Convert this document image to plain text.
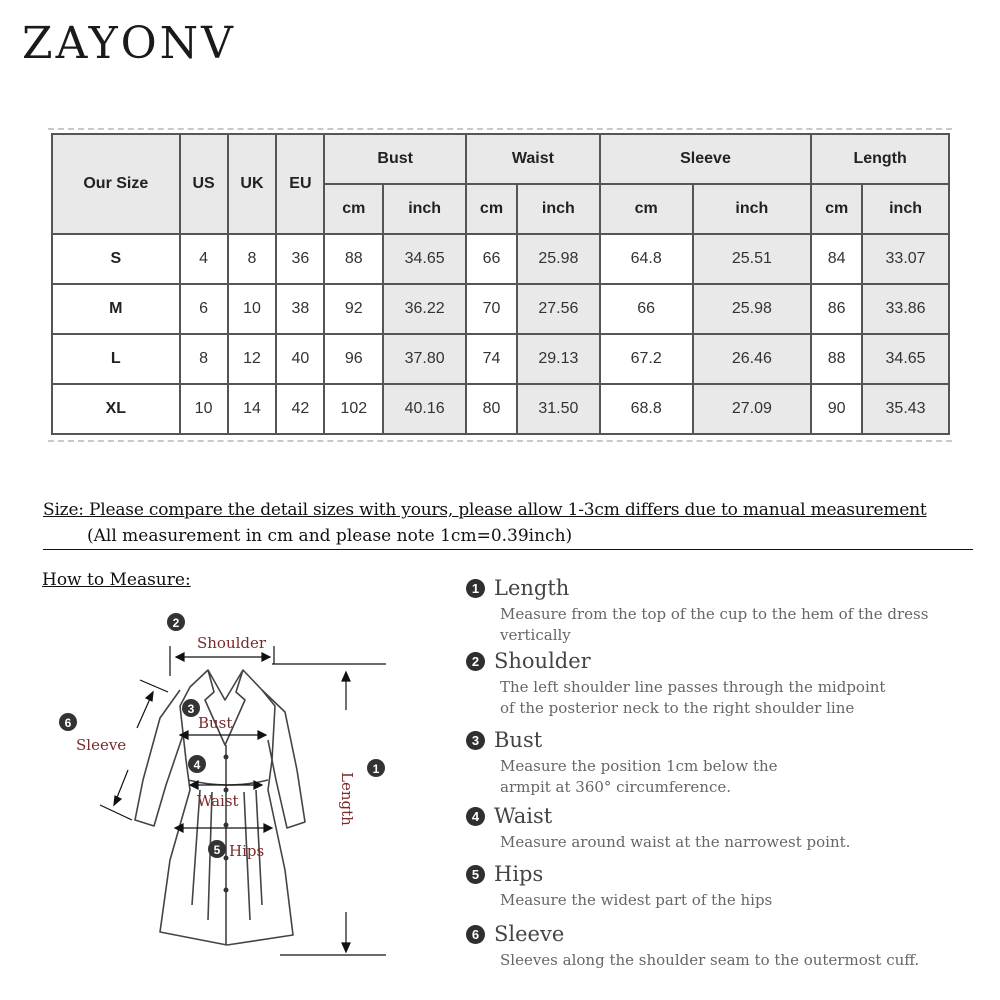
ZAYONV
Our Size	US	UK	EU	Bust		Waist		Sleeve		Length	
				cm	inch	cm	inch	cm	inch	cm	inch
S	4	8	36	88	34.65	66	25.98	64.8	25.51	84	33.07
M	6	10	38	92	36.22	70	27.56	66	25.98	86	33.86
L	8	12	40	96	37.80	74	29.13	67.2	26.46	88	34.65
XL	10	14	42	102	40.16	80	31.50	68.8	27.09	90	35.43
Size: Please compare the detail sizes with yours, please allow 1-3cm differs due to manual measurement
(All measurement in cm and please note 1cm=0.39inch)
How to Measure:
Shoulder
Bust
Waist
Hips
Sleeve
Length
2
3
4
5
6
1
1 Length
Measure from the top of the cup to the hem of the dress vertically
2 Shoulder
The left shoulder line passes through the midpoint of the posterior neck to the right shoulder line
3 Bust
Measure the position 1cm below the armpit at 360° circumference.
4 Waist
Measure around waist at the narrowest point.
5 Hips
Measure the widest part of the hips
6 Sleeve
Sleeves along the shoulder seam to the outermost cuff.
